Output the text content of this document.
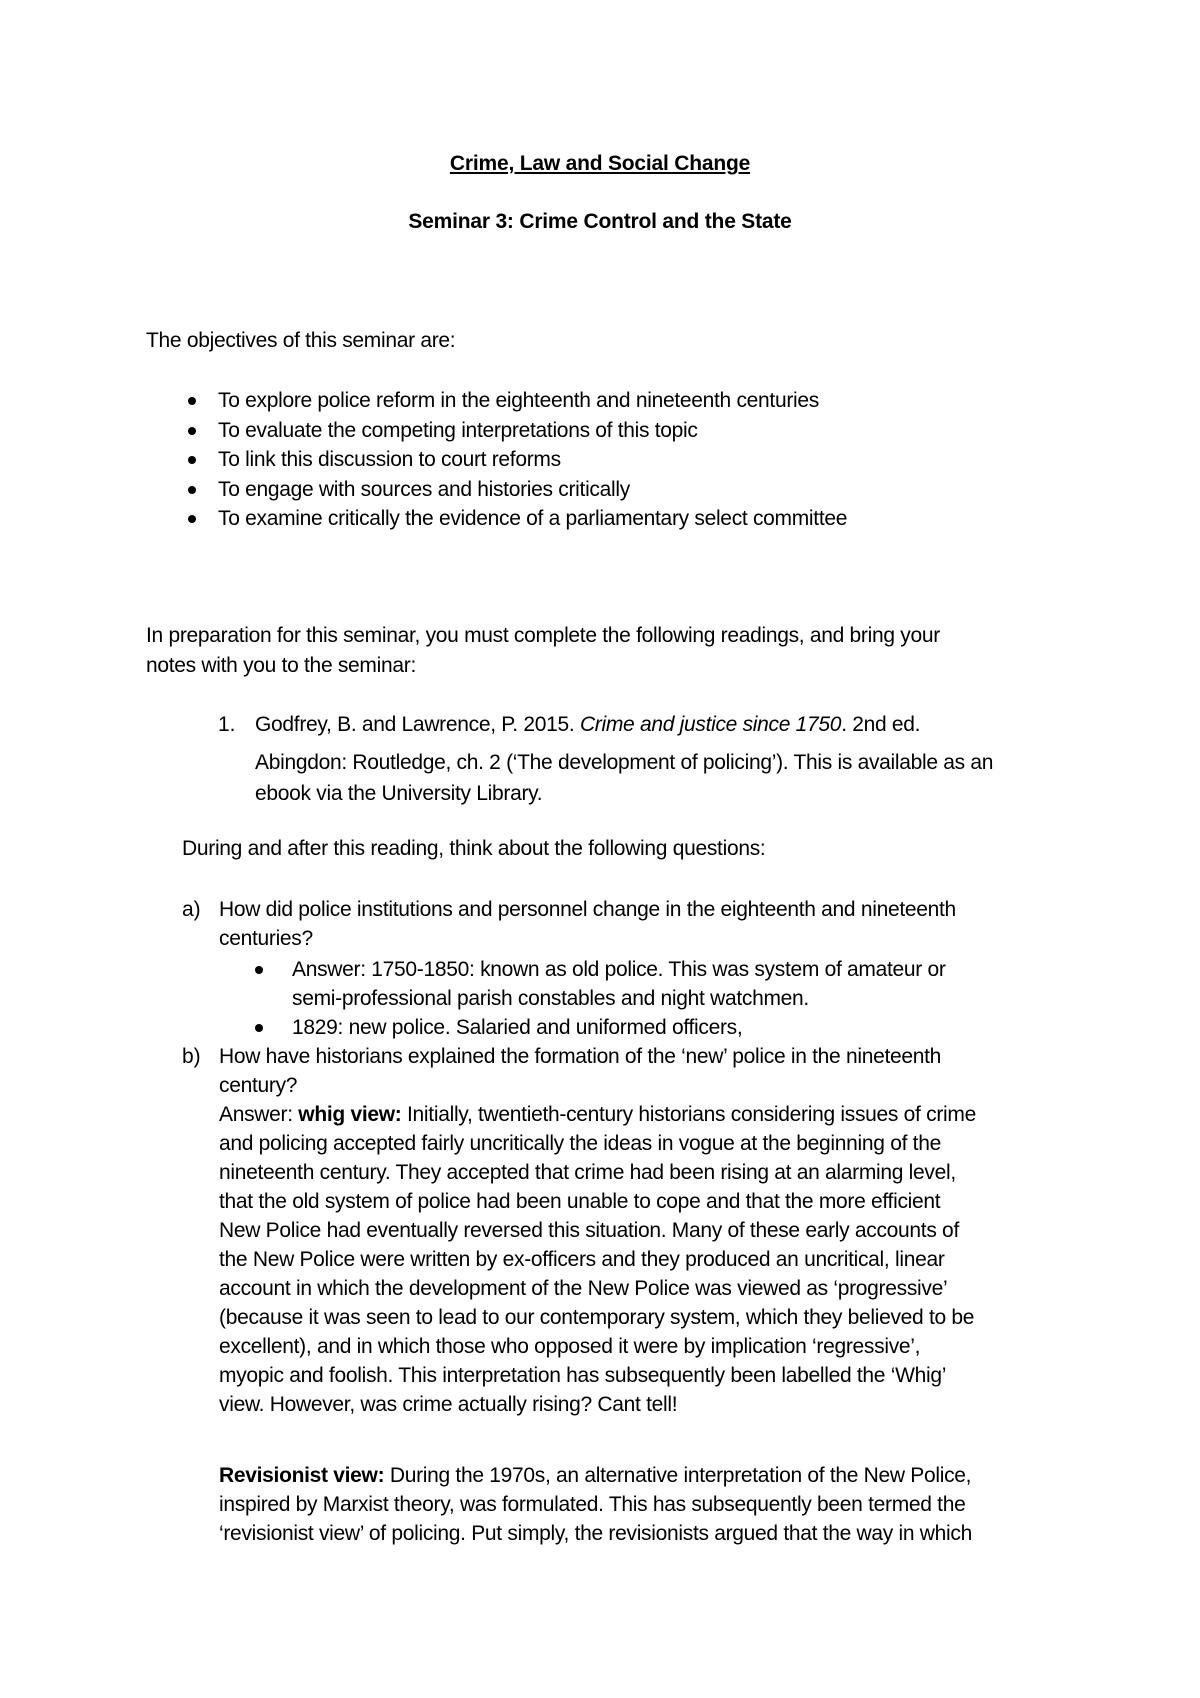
Crime, Law and Social Change
Seminar 3: Crime Control and the State
The objectives of this seminar are:
To explore police reform in the eighteenth and nineteenth centuries
To evaluate the competing interpretations of this topic
To link this discussion to court reforms
To engage with sources and histories critically
To examine critically the evidence of a parliamentary select committee
In preparation for this seminar, you must complete the following readings, and bring your
notes with you to the seminar:
1. Godfrey, B. and Lawrence, P. 2015. Crime and justice since 1750. 2nd ed.
Abingdon: Routledge, ch. 2 (‘The development of policing’). This is available as an
ebook via the University Library.
During and after this reading, think about the following questions:
a) How did police institutions and personnel change in the eighteenth and nineteenth
centuries?
Answer: 1750-1850: known as old police. This was system of amateur or
semi-professional parish constables and night watchmen.
1829: new police. Salaried and uniformed officers,
b) How have historians explained the formation of the ‘new’ police in the nineteenth
century?
Answer: whig view: Initially, twentieth-century historians considering issues of crime
and policing accepted fairly uncritically the ideas in vogue at the beginning of the
nineteenth century. They accepted that crime had been rising at an alarming level,
that the old system of police had been unable to cope and that the more efficient
New Police had eventually reversed this situation. Many of these early accounts of
the New Police were written by ex-officers and they produced an uncritical, linear
account in which the development of the New Police was viewed as ‘progressive’
(because it was seen to lead to our contemporary system, which they believed to be
excellent), and in which those who opposed it were by implication ‘regressive’,
myopic and foolish. This interpretation has subsequently been labelled the ‘Whig’
view. However, was crime actually rising? Cant tell!
Revisionist view: During the 1970s, an alternative interpretation of the New Police,
inspired by Marxist theory, was formulated. This has subsequently been termed the
‘revisionist view’ of policing. Put simply, the revisionists argued that the way in which
